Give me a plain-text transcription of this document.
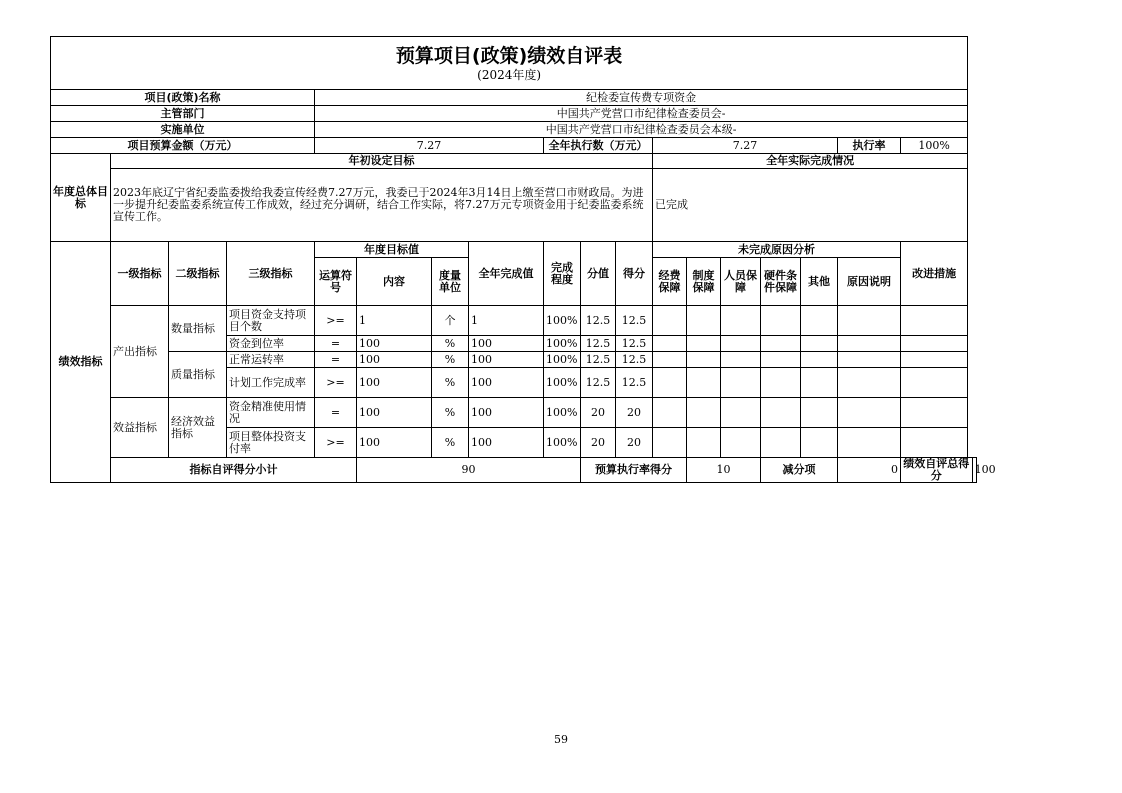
预算项目(政策)绩效自评表
(2024年度)																		

项目(政策)名称				纪检委宣传费专项资金														
主管部门				中国共产党营口市纪律检查委员会-														
实施单位				中国共产党营口市纪律检查委员会本级-														
项目预算金额（万元）				7.27				全年执行数（万元）			7.27					执行率	100%	
年度总体目标	年初设定目标										全年实际完成情况							
	2023年底辽宁省纪委监委拨给我委宣传经费7.27万元，我委已于2024年3月14日上缴至营口市财政局。为进一步提升纪委监委系统宣传工作成效，经过充分调研，结合工作实际，将7.27万元专项资金用于纪委监委系统宣传工作。										已完成							
绩效指标	一级指标	二级指标	三级指标	年度目标值			全年完成值	完成程度	分值	得分	未完成原因分析						改进措施	
				运算符号	内容	度量单位					经费保障	制度保障	人员保障	硬件条件保障	其他	原因说明		
	产出指标	数量指标	项目资金支持项目个数	>=	1	个	1	100%	12.5	12.5								
			资金到位率	=	100	%	100	100%	12.5	12.5								
		质量指标	正常运转率	=	100	%	100	100%	12.5	12.5								
			计划工作完成率	>=	100	%	100	100%	12.5	12.5								
	效益指标	经济效益指标	资金精准使用情况	=	100	%	100	100%	20	20								
			项目整体投资支付率	>=	100	%	100	100%	20	20								
	指标自评得分小计				90				预算执行率得分			10		减分项		0	绩效自评总得分	100
59
